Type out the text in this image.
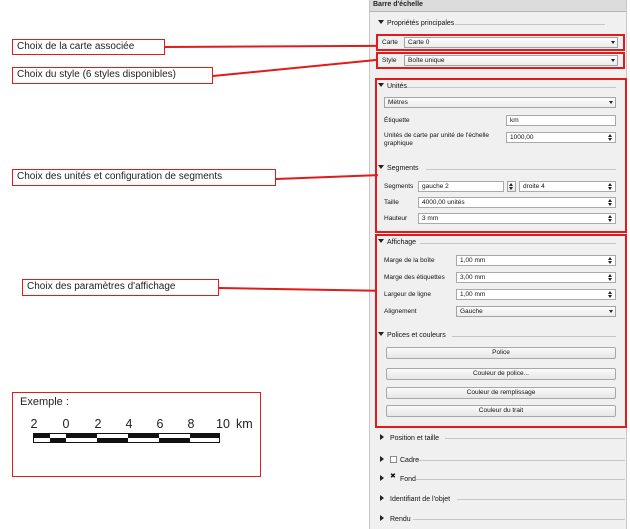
Barre d'échelle
Propriétés principales
Carte	Carte 0
Style	Boîte unique
Unités
Mètres
Étiquette	km
Unités de carte par unité de l'échelle
graphique
1000,00
Segments
Segments	gauche 2	droite 4
Taille	4000,00 unités
Hauteur	3 mm
Affichage
Marge de la boîte	1,00 mm
Marge des étiquettes	3,00 mm
Largeur de ligne	1,00 mm
Alignement	Gauche
Polices et couleurs
Police
Couleur de police...
Couleur de remplissage
Couleur du trait
Position et taille
Cadre
✖Fond
Identifiant de l'objet
Rendu
Choix de la carte associée
Choix du style (6 styles disponibles)
Choix des unités et configuration de segments
Choix des paramètres d'affichage
Exemple :
2	0	2	4	6	8	10 km
